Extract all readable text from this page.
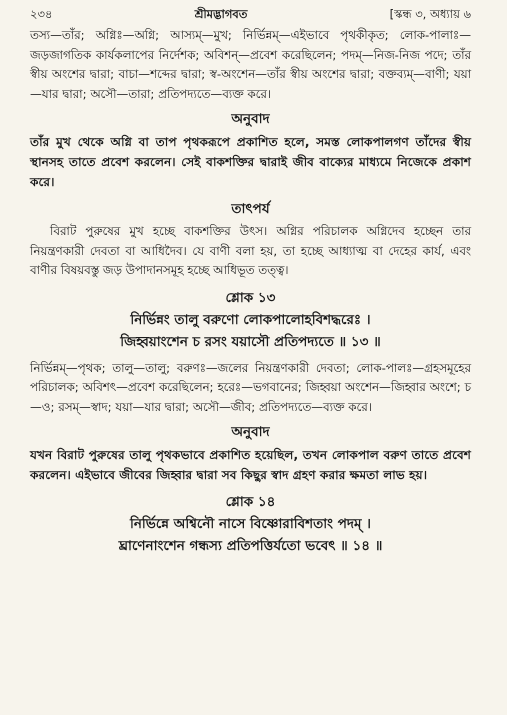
২৩৪	শ্রীমদ্ভাগবত	[স্কন্ধ ৩, অধ্যায় ৬

তস্য—তাঁর; অগ্নিঃ—অগ্নি; আস্যম্—মুখ; নির্ভিন্নম্—এইভাবে পৃথকীকৃত; লোক-পালাঃ—জড়জাগতিক কার্যকলাপের নির্দেশক; অবিশন্—প্রবেশ করেছিলেন; পদম্—নিজ-নিজ পদে; তাঁর স্বীয় অংশের দ্বারা; বাচা—শব্দের দ্বারা; স্ব-অংশেন—তাঁর স্বীয় অংশের দ্বারা; বক্তব্যম্—বাণী; যয়া—যার দ্বারা; অসৌ—তারা; প্রতিপদ্যতে—ব্যক্ত করে।

অনুবাদ

তাঁর মুখ থেকে অগ্নি বা তাপ পৃথকরূপে প্রকাশিত হলে, সমস্ত লোকপালগণ তাঁদের স্বীয় স্থানসহ তাতে প্রবেশ করলেন। সেই বাকশক্তির দ্বারাই জীব বাক্যের মাধ্যমে নিজেকে প্রকাশ করে।

তাৎপর্য

বিরাট পুরুষের মুখ হচ্ছে বাকশক্তির উৎস। অগ্নির পরিচালক অগ্নিদেব হচ্ছেন তার নিয়ন্ত্রণকারী দেবতা বা আধিদৈব। যে বাণী বলা হয়, তা হচ্ছে আধ্যাত্ম বা দেহের কার্য, এবং বাণীর বিষয়বস্তু জড় উপাদানসমূহ হচ্ছে আধিভূত তত্ত্ব।

শ্লোক ১৩
নির্ভিন্নং তালু বরুণো লোকপালোহবিশদ্ধরেঃ ।
জিহ্বয়াংশেন চ রসং যয়াসৌ প্রতিপদ্যতে ॥ ১৩ ॥

নির্ভিন্নম্—পৃথক; তালু—তালু; বরুণঃ—জলের নিয়ন্ত্রণকারী দেবতা; লোক-পালঃ—গ্রহসমূহের পরিচালক; অবিশৎ—প্রবেশ করেছিলেন; হরেঃ—ভগবানের; জিহ্বয়া অংশেন—জিহ্বার অংশে; চ—ও; রসম্—স্বাদ; যয়া—যার দ্বারা; অসৌ—জীব; প্রতিপদ্যতে—ব্যক্ত করে।

অনুবাদ

যখন বিরাট পুরুষের তালু পৃথকভাবে প্রকাশিত হয়েছিল, তখন লোকপাল বরুণ তাতে প্রবেশ করলেন। এইভাবে জীবের জিহ্বার দ্বারা সব কিছুর স্বাদ গ্রহণ করার ক্ষমতা লাভ হয়।

শ্লোক ১৪
নির্ভিন্নে অশ্বিনৌ নাসে বিষ্ণোরাবিশতাং পদম্ ।
ঘ্রাণেনাংশেন গন্ধস্য প্রতিপত্তির্যতো ভবেৎ ॥ ১৪ ॥
